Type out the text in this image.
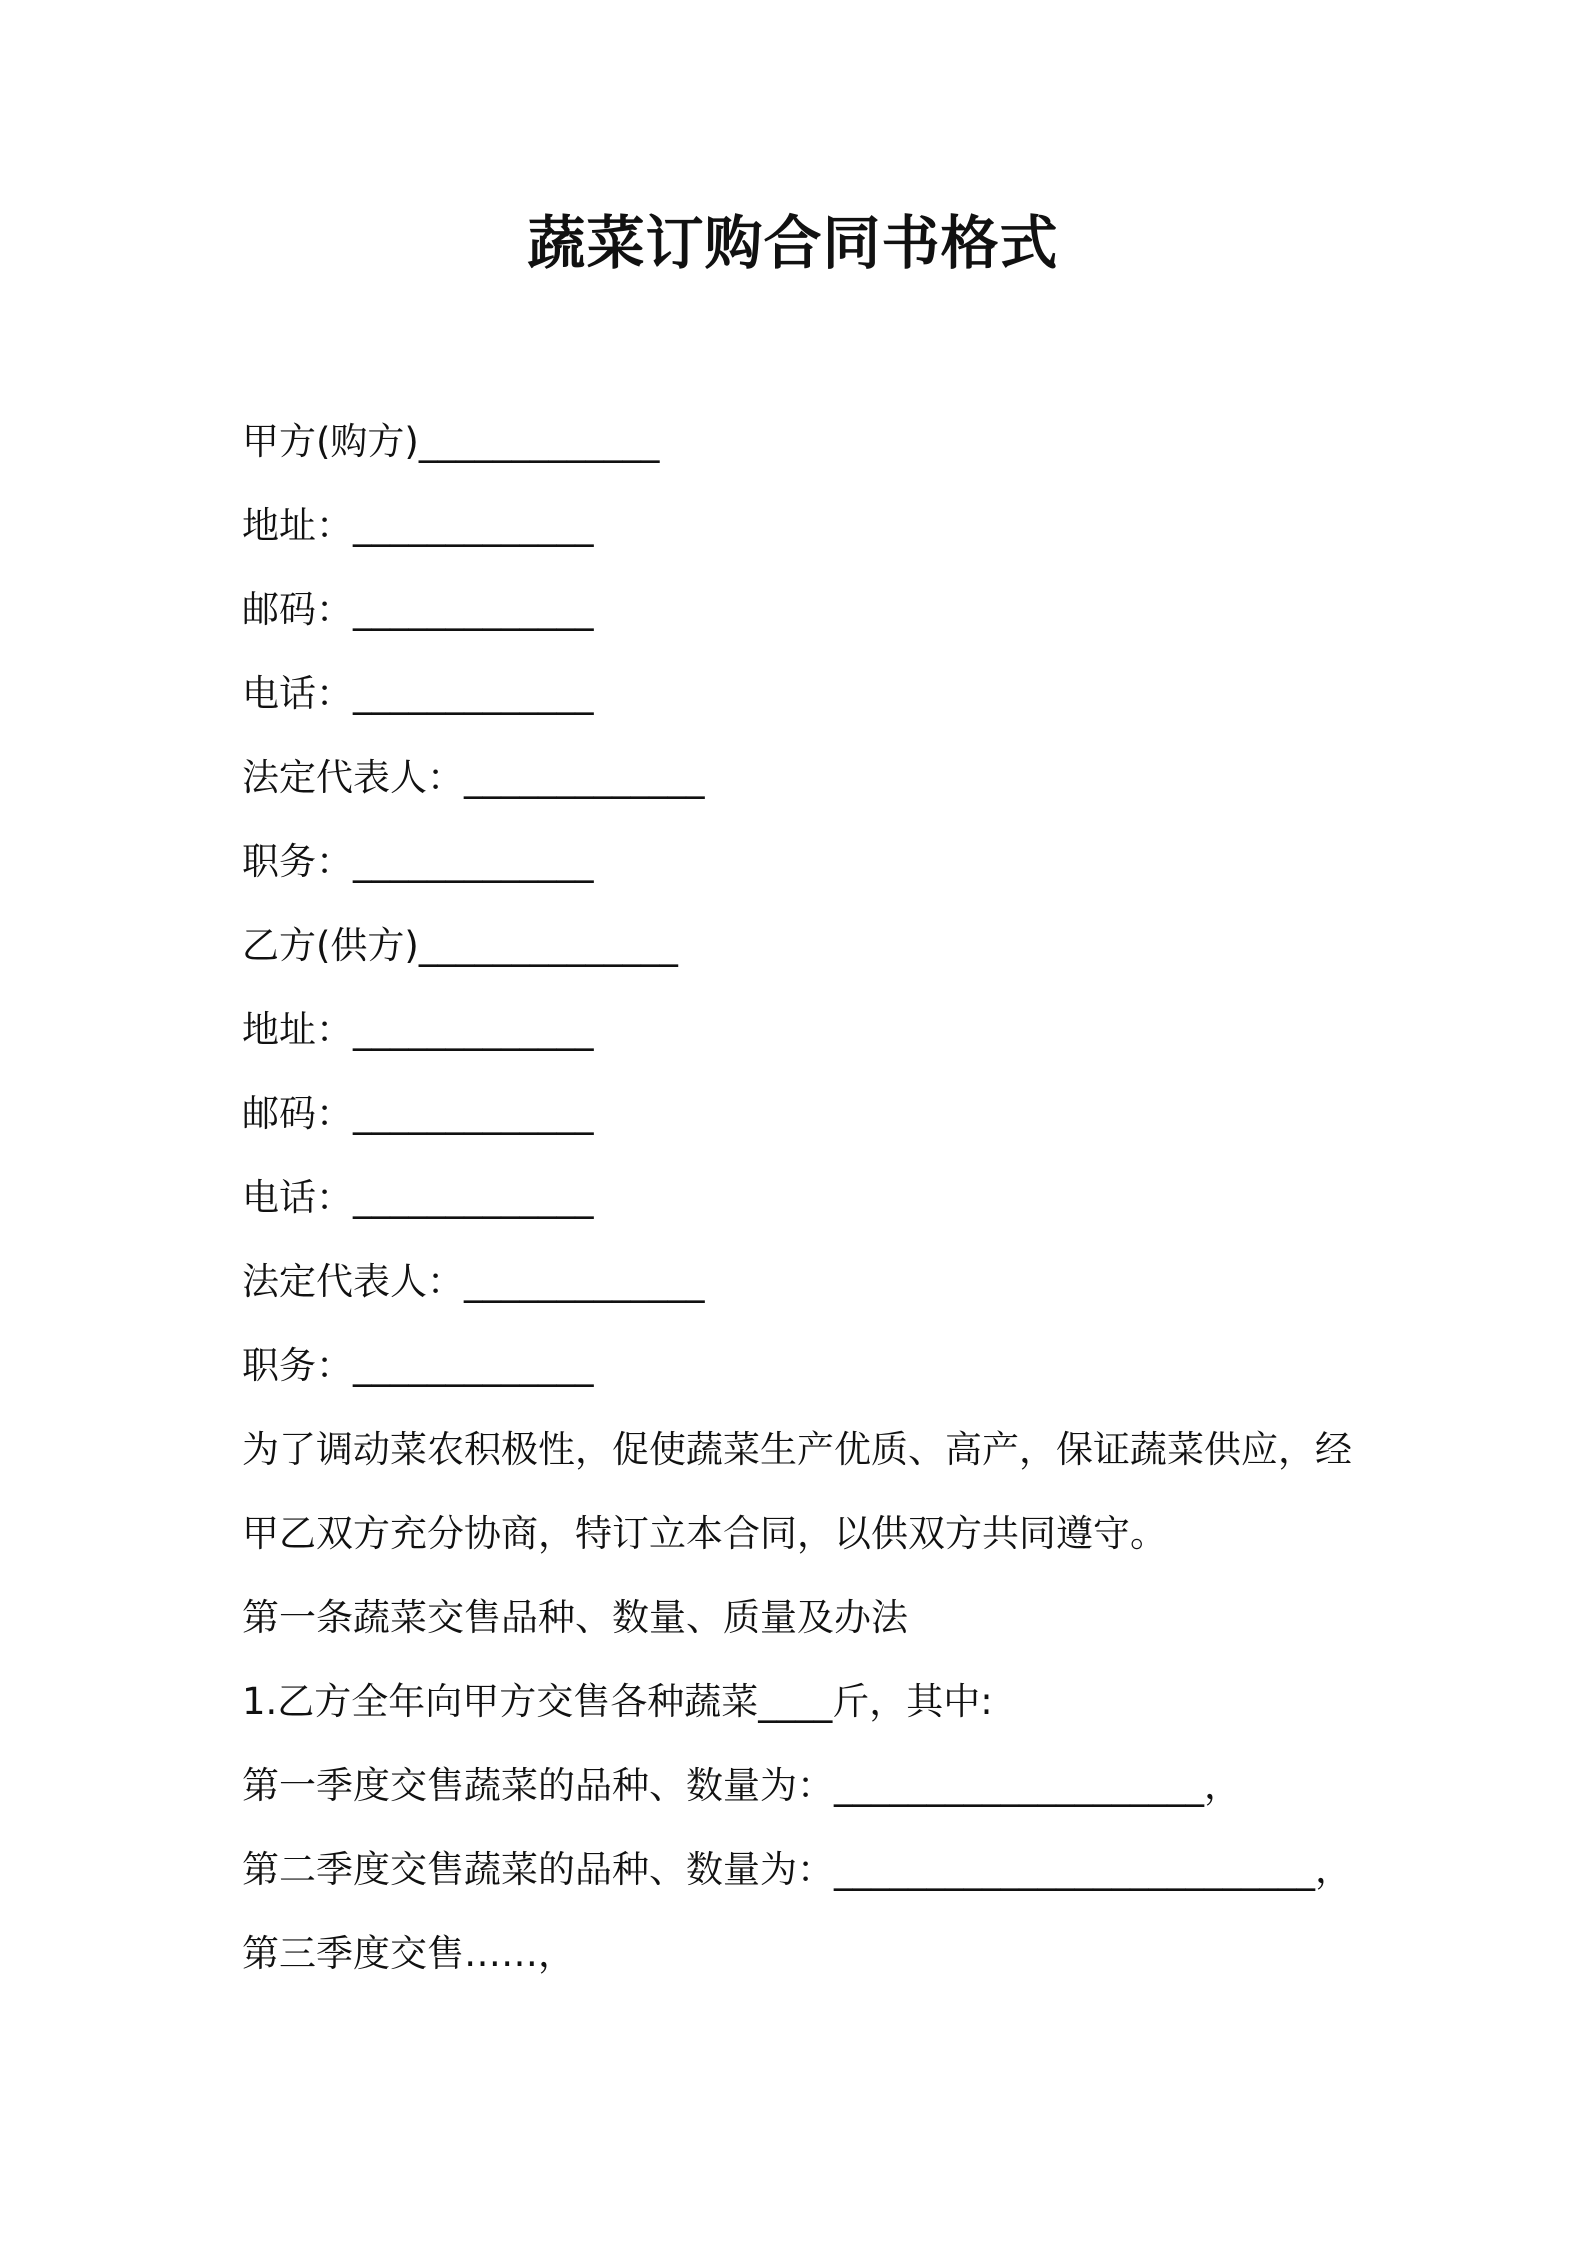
蔬菜订购合同书格式
甲方(购方)_____________
地址：_____________
邮码：_____________
电话：_____________
法定代表人：_____________
职务：_____________
乙方(供方)______________
地址：_____________
邮码：_____________
电话：_____________
法定代表人：_____________
职务：_____________
为了调动菜农积极性，促使蔬菜生产优质、高产，保证蔬菜供应，经
甲乙双方充分协商，特订立本合同，以供双方共同遵守。
第一条蔬菜交售品种、数量、质量及办法
1.乙方全年向甲方交售各种蔬菜____斤，其中:
第一季度交售蔬菜的品种、数量为：____________________，
第二季度交售蔬菜的品种、数量为：__________________________，
第三季度交售……，
